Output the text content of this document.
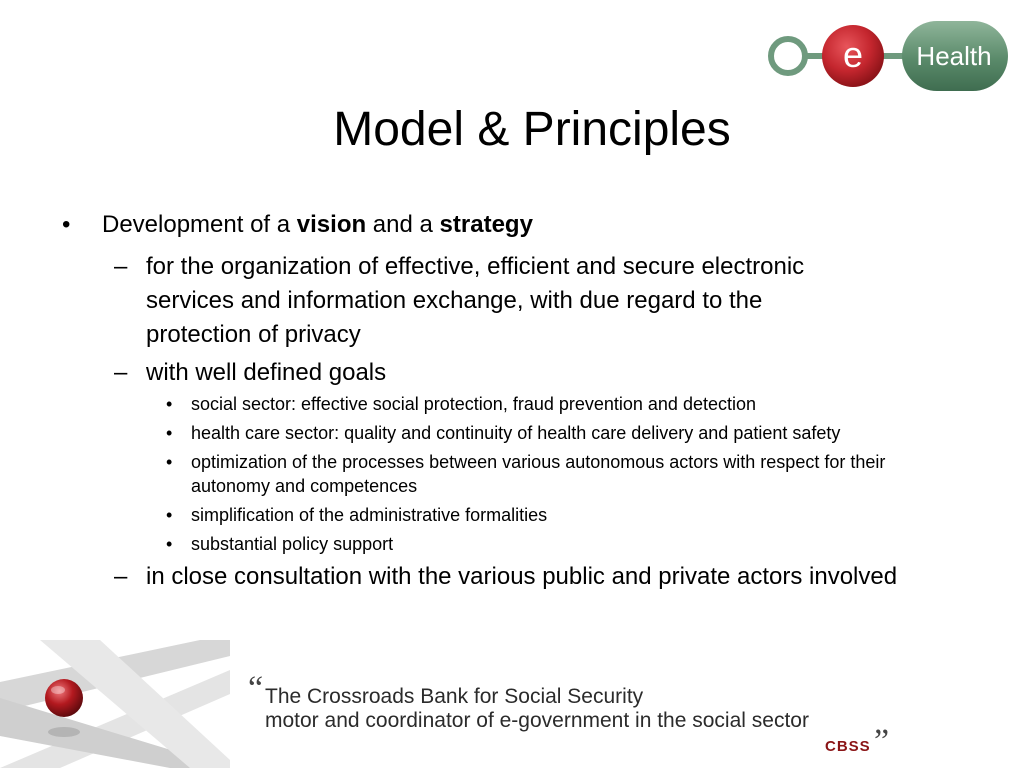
e Health
Model & Principles
• Development of a vision and a strategy
– for the organization of effective, efficient and secure electronic
services and information exchange, with due regard to the
protection of privacy
– with well defined goals
• social sector: effective social protection, fraud prevention and detection
• health care sector: quality and continuity of health care delivery and patient safety
• optimization of the processes between various autonomous actors with respect for their
autonomy and competences
• simplification of the administrative formalities
• substantial policy support
– in close consultation with the various public and private actors involved
“ The Crossroads Bank for Social Security
motor and coordinator of e-government in the social sector „
CBSS
